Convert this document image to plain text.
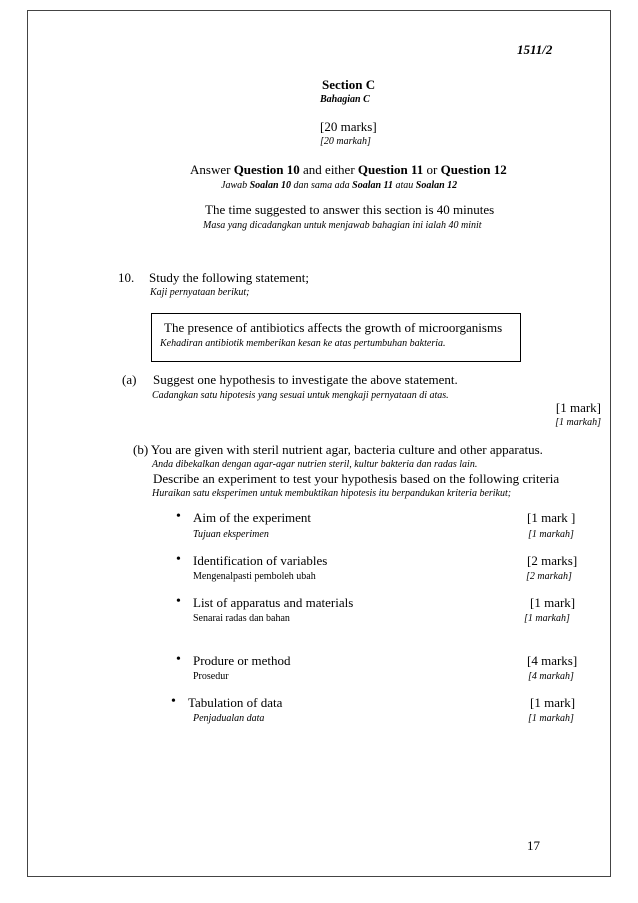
1511/2
Section C
Bahagian C
[20 marks]
[20 markah]
Answer Question 10 and either Question 11 or Question 12
Jawab Soalan 10 dan sama ada Soalan 11 atau Soalan 12
The time suggested to answer this section is 40 minutes
Masa yang dicadangkan untuk menjawab bahagian ini ialah 40 minit
10. Study the following statement;
Kaji pernyataan berikut;
The presence of antibiotics affects the growth of microorganisms
Kehadiran antibiotik memberikan kesan ke atas pertumbuhan bakteria.
(a) Suggest one hypothesis to investigate the above statement.
Cadangkan satu hipotesis yang sesuai untuk mengkaji pernyataan di atas.
[1 mark]
[1 markah]
(b) You are given with steril nutrient agar, bacteria culture and other apparatus.
Anda dibekalkan dengan agar-agar nutrien steril, kultur bakteria dan radas lain.
Describe an experiment to test your hypothesis based on the following criteria
Huraikan satu eksperimen untuk membuktikan hipotesis itu berpandukan kriteria berikut;
• Aim of the experiment
Tujuan eksperimen
[1 mark ]
[1 markah]
• Identification of variables
Mengenalpasti pemboleh ubah
[2 marks]
[2 markah]
• List of apparatus and materials
Senarai radas dan bahan
[1 mark]
[1 markah]
• Produre or method
Prosedur
[4 marks]
[4 markah]
• Tabulation of data
Penjadualan data
[1 mark]
[1 markah]
17
